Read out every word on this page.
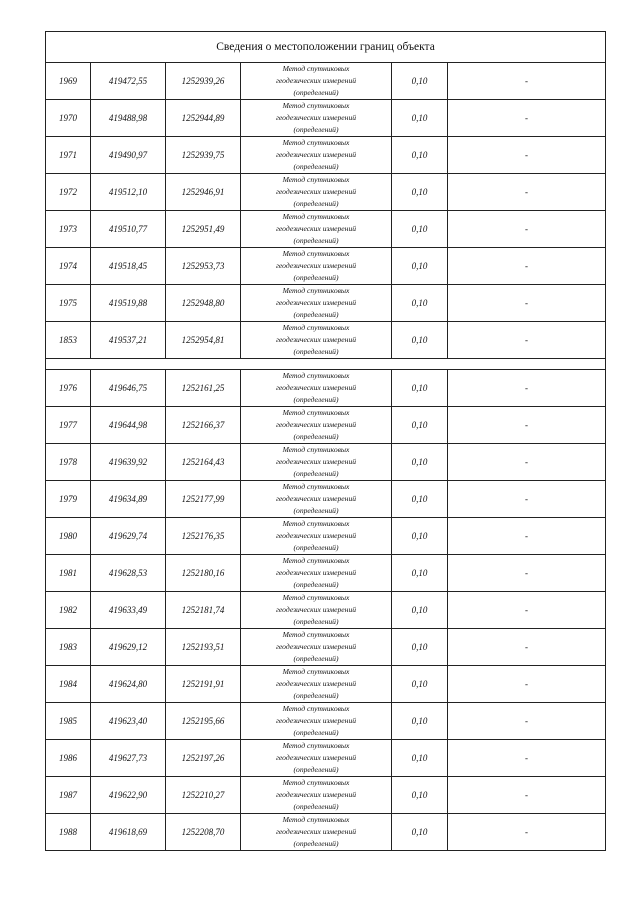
Сведения о местоположении границ объекта					
1969	419472,55	1252939,26	Метод спутниковых
геодезических измерений
(определений)	0,10	-
1970	419488,98	1252944,89	Метод спутниковых
геодезических измерений
(определений)	0,10	-
1971	419490,97	1252939,75	Метод спутниковых
геодезических измерений
(определений)	0,10	-
1972	419512,10	1252946,91	Метод спутниковых
геодезических измерений
(определений)	0,10	-
1973	419510,77	1252951,49	Метод спутниковых
геодезических измерений
(определений)	0,10	-
1974	419518,45	1252953,73	Метод спутниковых
геодезических измерений
(определений)	0,10	-
1975	419519,88	1252948,80	Метод спутниковых
геодезических измерений
(определений)	0,10	-
1853	419537,21	1252954,81	Метод спутниковых
геодезических измерений
(определений)	0,10	-

1976	419646,75	1252161,25	Метод спутниковых
геодезических измерений
(определений)	0,10	-
1977	419644,98	1252166,37	Метод спутниковых
геодезических измерений
(определений)	0,10	-
1978	419639,92	1252164,43	Метод спутниковых
геодезических измерений
(определений)	0,10	-
1979	419634,89	1252177,99	Метод спутниковых
геодезических измерений
(определений)	0,10	-
1980	419629,74	1252176,35	Метод спутниковых
геодезических измерений
(определений)	0,10	-
1981	419628,53	1252180,16	Метод спутниковых
геодезических измерений
(определений)	0,10	-
1982	419633,49	1252181,74	Метод спутниковых
геодезических измерений
(определений)	0,10	-
1983	419629,12	1252193,51	Метод спутниковых
геодезических измерений
(определений)	0,10	-
1984	419624,80	1252191,91	Метод спутниковых
геодезических измерений
(определений)	0,10	-
1985	419623,40	1252195,66	Метод спутниковых
геодезических измерений
(определений)	0,10	-
1986	419627,73	1252197,26	Метод спутниковых
геодезических измерений
(определений)	0,10	-
1987	419622,90	1252210,27	Метод спутниковых
геодезических измерений
(определений)	0,10	-
1988	419618,69	1252208,70	Метод спутниковых
геодезических измерений
(определений)	0,10	-
